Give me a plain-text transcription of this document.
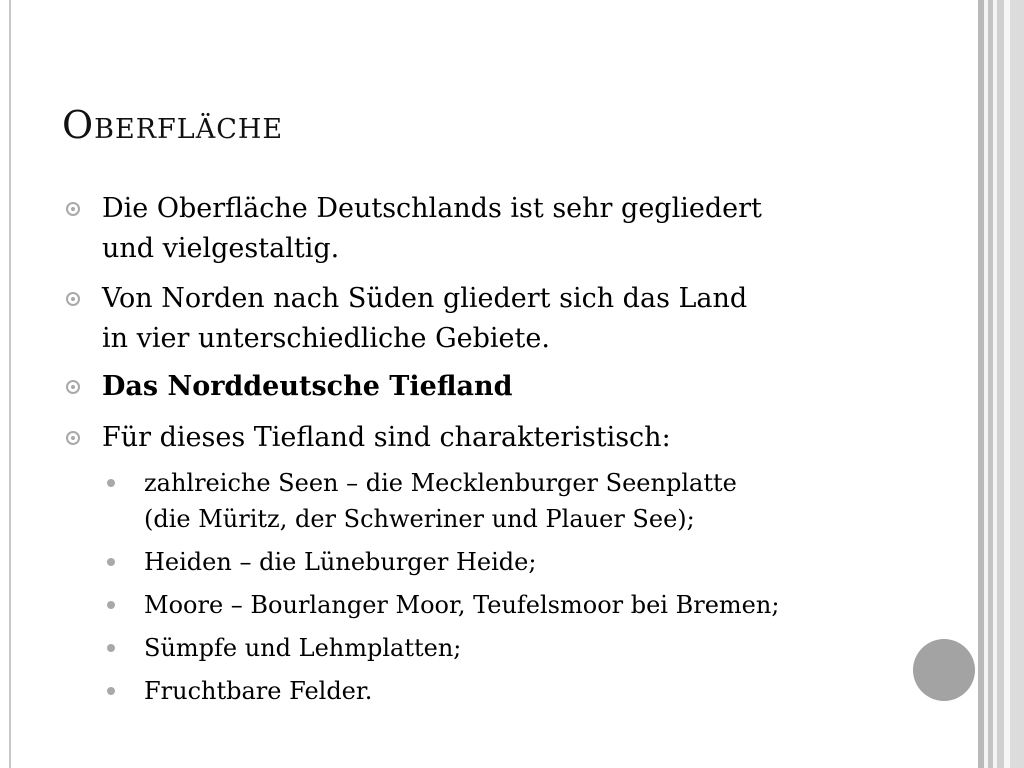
Oberfläche
Die Oberfläche Deutschlands ist sehr gegliedert
und vielgestaltig.
Von Norden nach Süden gliedert sich das Land
in vier unterschiedliche Gebiete.
Das Norddeutsche Tiefland
Für dieses Tiefland sind charakteristisch:
zahlreiche Seen – die Mecklenburger Seenplatte
(die Müritz, der Schweriner und Plauer See);
Heiden – die Lüneburger Heide;
Moore – Bourlanger Moor, Teufelsmoor bei Bremen;
Sümpfe und Lehmplatten;
Fruchtbare Felder.
